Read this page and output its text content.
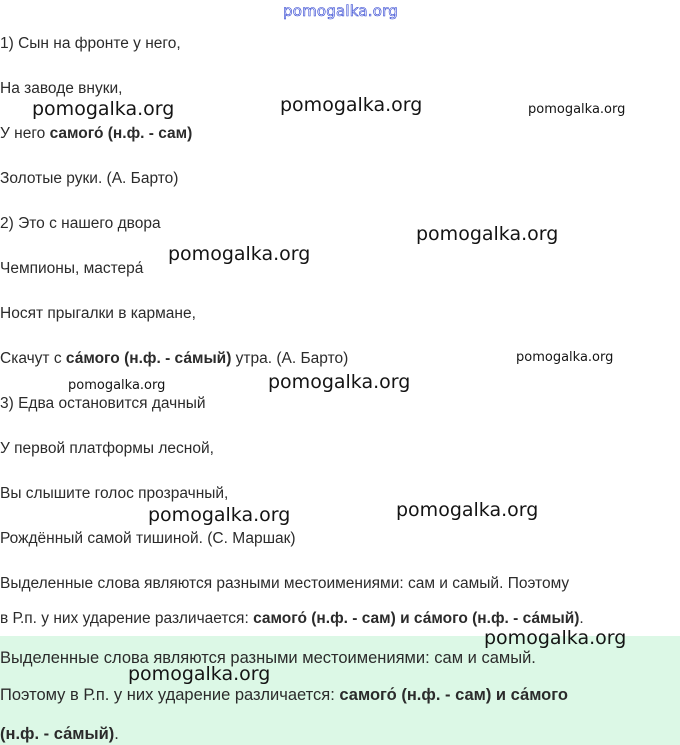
pomogalka.org

1) Сын на фронте у него,

На заводе внуки,

У него самого́ (н.ф. - сам)

Золотые руки. (А. Барто)

2) Это с нашего двора

Чемпионы, мастера́

Носят прыгалки в кармане,

Скачут с са́мого (н.ф. - са́мый) утра. (А. Барто)

3) Едва остановится дачный

У первой платформы лесной,

Вы слышите голос прозрачный,

Рождённый самой тишиной. (С. Маршак)

Выделенные слова являются разными местоимениями: сам и самый. Поэтому

в Р.п. у них ударение различается: самого́ (н.ф. - сам) и са́мого (н.ф. - са́мый).

Выделенные слова являются разными местоимениями: сам и самый.

Поэтому в Р.п. у них ударение различается: самого́ (н.ф. - сам) и са́мого

(н.ф. - са́мый).

pomogalka.org	pomogalka.org	pomogalka.org
pomogalka.org
pomogalka.org
pomogalka.org
pomogalka.org
pomogalka.org
pomogalka.org
pomogalka.org
pomogalka.org
pomogalka.org
